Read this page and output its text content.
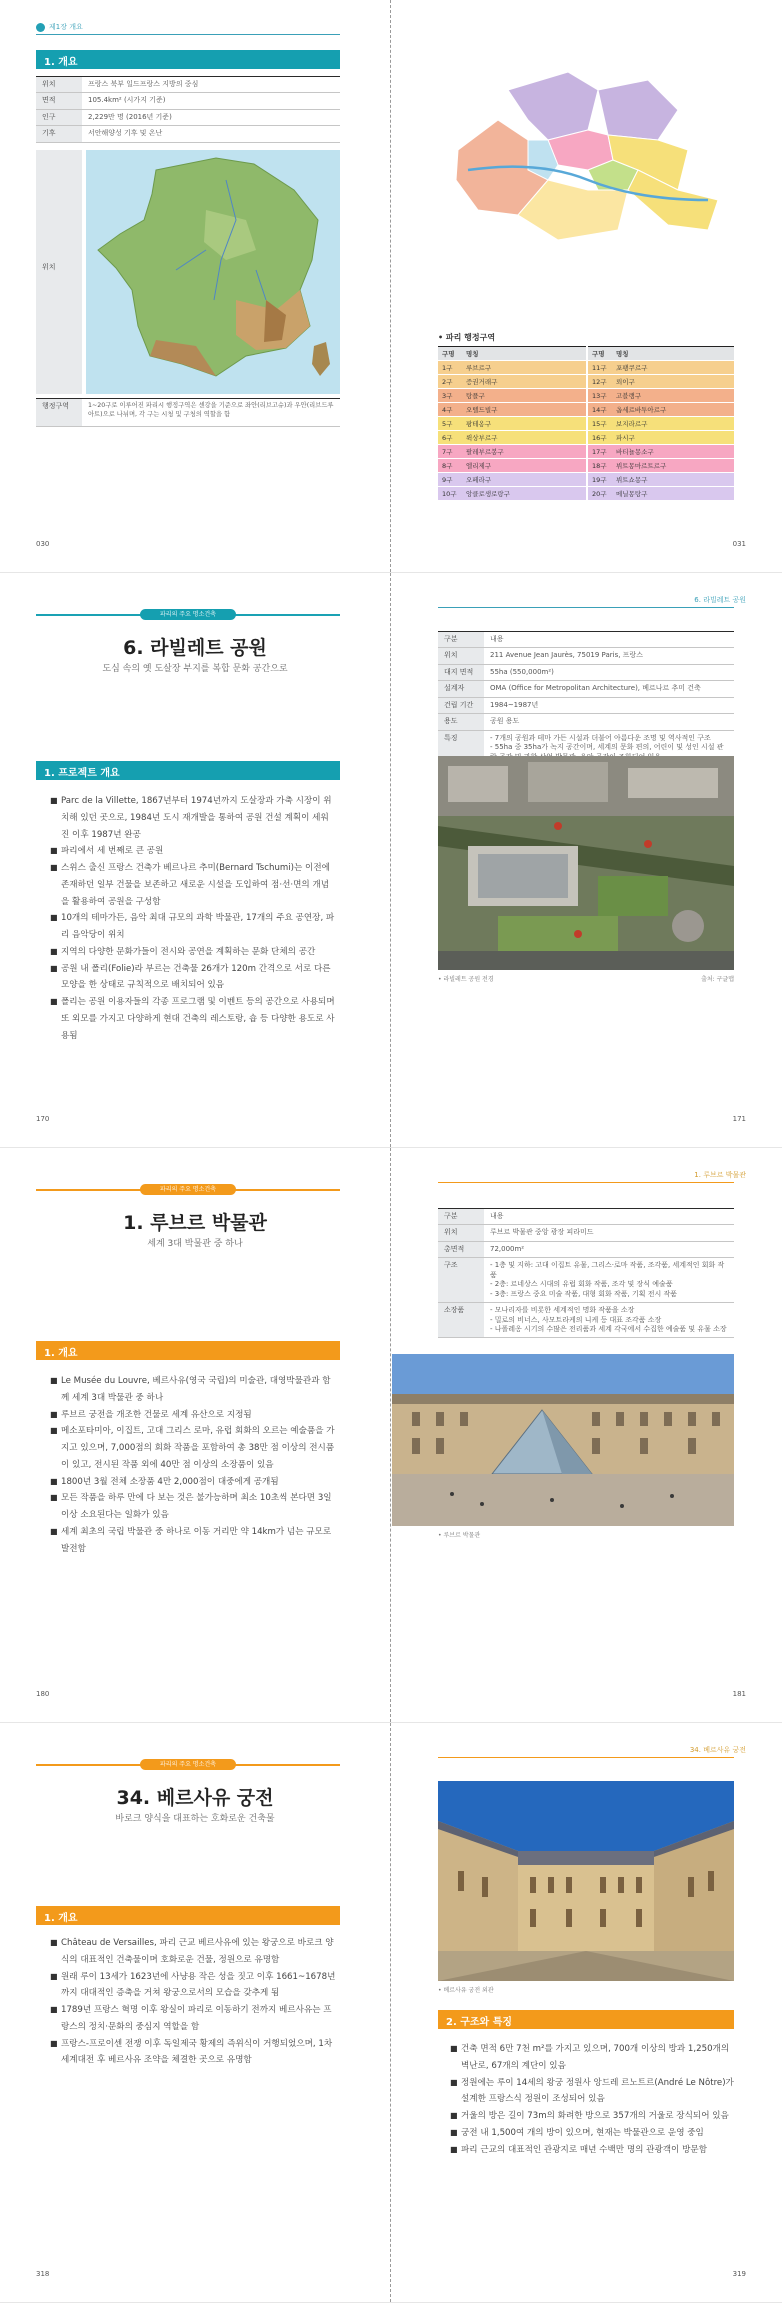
제1장 개요
1. 개요
위치	프랑스 북부 일드프랑스 지방의 중심
면적	105.4km² (시가지 기준)
인구	2,229만 명 (2016년 기준)
기후	서안해양성 기후 및 온난
위치
행정구역	1~20구로 이루어진 파리시 행정구역은 센강을 기준으로 좌안(리브고슈)과 우안(리브드루아트)으로 나뉘며, 각 구는 시청 및 구청의 역할을 함
030
• 파리 행정구역
구명	명칭
1구	루브르구
2구	증권거래구
3구	탕플구
4구	오텔드빌구
5구	팡테옹구
6구	뤽상부르구
7구	팔레부르봉구
8구	엘리제구
9구	오페라구
10구	앙클로생로랑구
구명	명칭
11구	포팽쿠르구
12구	뢰이구
13구	고블랭구
14구	옵세르바투아르구
15구	보지라르구
16구	파시구
17구	바티뇰몽소구
18구	뷔트몽마르트르구
19구	뷔트쇼몽구
20구	메닐몽탕구
031
파리의 주요 명소건축
6. 라빌레트 공원
도심 속의 옛 도살장 부지를 복합 문화 공간으로
1. 프로젝트 개요
■ Parc de la Villette, 1867년부터 1974년까지 도살장과 가축 시장이 위치해 있던 곳으로, 1984년 도시 재개발을 통하여 공원 건설 계획이 세워진 이후 1987년 완공
■ 파리에서 세 번째로 큰 공원
■ 스위스 출신 프랑스 건축가 베르나르 추미(Bernard Tschumi)는 이전에 존재하던 일부 건물을 보존하고 새로운 시설을 도입하여 점·선·면의 개념을 활용하여 공원을 구성함
■ 10개의 테마가든, 음악 최대 규모의 과학 박물관, 17개의 주요 공연장, 파리 음악당이 위치
■ 지역의 다양한 문화가들이 전시와 공연을 계획하는 문화 단체의 공간
■ 공원 내 폴리(Folie)라 부르는 건축물 26개가 120m 간격으로 서로 다른 모양을 한 상태로 규칙적으로 배치되어 있음
■ 폴리는 공원 이용자들의 각종 프로그램 및 이벤트 등의 공간으로 사용되며 또 외모를 가지고 다양하게 현대 건축의 레스토랑, 숍 등 다양한 용도로 사용됨
170
6. 라빌레트 공원
구분	내용
위치	211 Avenue Jean Jaurès, 75019 Paris, 프랑스
대지 면적	55ha (550,000m²)
설계자	OMA (Office for Metropolitan Architecture), 베르나르 추미 건축
건립 기간	1984~1987년
용도	공원 용도
특징	- 7개의 공원과 테마 가든 시설과 더불어 아름다운 조명 및 역사적인 구조
- 55ha 중 35ha가 녹지 공간이며, 세계의 문화 편의, 어린이 및 성인 시설 관
• 라빌레트 공원 전경	출처: 구글맵
171
파리의 주요 명소건축
1. 루브르 박물관
세계 3대 박물관 중 하나
1. 개요
■ Le Musée du Louvre, 베르사유(영국 국립)의 미술관, 대영박물관과 함께 세계 3대 박물관 중 하나
■ 루브르 궁전을 개조한 건물로 세계 유산으로 지정됨
■ 메소포타미아, 이집트, 고대 그리스 로마, 유럽 회화의 오르는 예술품을 가지고 있으며, 7,000점의 회화 작품을 포함하여 총 38만 점 이상의 전시품이 있고, 전시된 작품 외에 40만 점 이상의 소장품이 있음
■ 1800년 3월 전체 소장품 4만 2,000점이 대중에게 공개됨
■ 모든 작품을 하루 만에 다 보는 것은 불가능하며 최소 10초씩 본다면 3일 이상 소요된다는 일화가 있음
■ 세계 최초의 국립 박물관 중 하나로 이동 거리만 약 14km가 넘는 규모로 발전함
180
1. 루브르 박물관
구분	내용
위치	루브르 박물관 중앙 광장 피라미드
총면적	72,000m²
구조	- 1층 및 지하: 고대 이집트 유물, 그리스·로마 작품, 조각품, 세계적인 회화 작품
- 2층: 르네상스 시대의 유럽 회화 작품, 조각 및 장식 예술품
- 3층: 프랑스 중요 미술 작품, 대형 회화 작품, 기획 전시 작품
소장품	- 모나리자를 비롯한 세계적인 명화 작품을 소장
- 밀로의 비너스, 사모트라케의 니케 등 대표 조각품 소장
- 나폴레옹 시기의 수많은 전리품과 세계 각국에서 수집한 예술품 및 유물 소장
• 루브르 박물관
181
파리의 주요 명소건축
34. 베르사유 궁전
바로크 양식을 대표하는 호화로운 건축물
1. 개요
■ Château de Versailles, 파리 근교 베르사유에 있는 왕궁으로 바로크 양식의 대표적인 건축물이며 호화로운 건물, 정원으로 유명함
■ 원래 루이 13세가 1623년에 사냥용 작은 성을 짓고 이후 1661~1678년까지 대대적인 증축을 거쳐 왕궁으로서의 모습을 갖추게 됨
■ 1789년 프랑스 혁명 이후 왕실이 파리로 이동하기 전까지 베르사유는 프랑스의 정치·문화의 중심지 역할을 함
■ 프랑스-프로이센 전쟁 이후 독일제국 황제의 즉위식이 거행되었으며, 1차 세계대전 후 베르사유 조약을 체결한 곳으로 유명함
318
34. 베르사유 궁전
• 베르사유 궁전 외관
2. 구조와 특징
■ 건축 면적 6만 7천 m²를 가지고 있으며, 700개 이상의 방과 1,250개의 벽난로, 67개의 계단이 있음
■ 정원에는 루이 14세의 왕궁 정원사 앙드레 르노트르(André Le Nôtre)가 설계한 프랑스식 정원이 조성되어 있음
■ 거울의 방은 길이 73m의 화려한 방으로 357개의 거울로 장식되어 있음
■ 궁전 내 1,500여 개의 방이 있으며, 현재는 박물관으로 운영 중임
■ 파리 근교의 대표적인 관광지로 매년 수백만 명의 관광객이 방문함
319
